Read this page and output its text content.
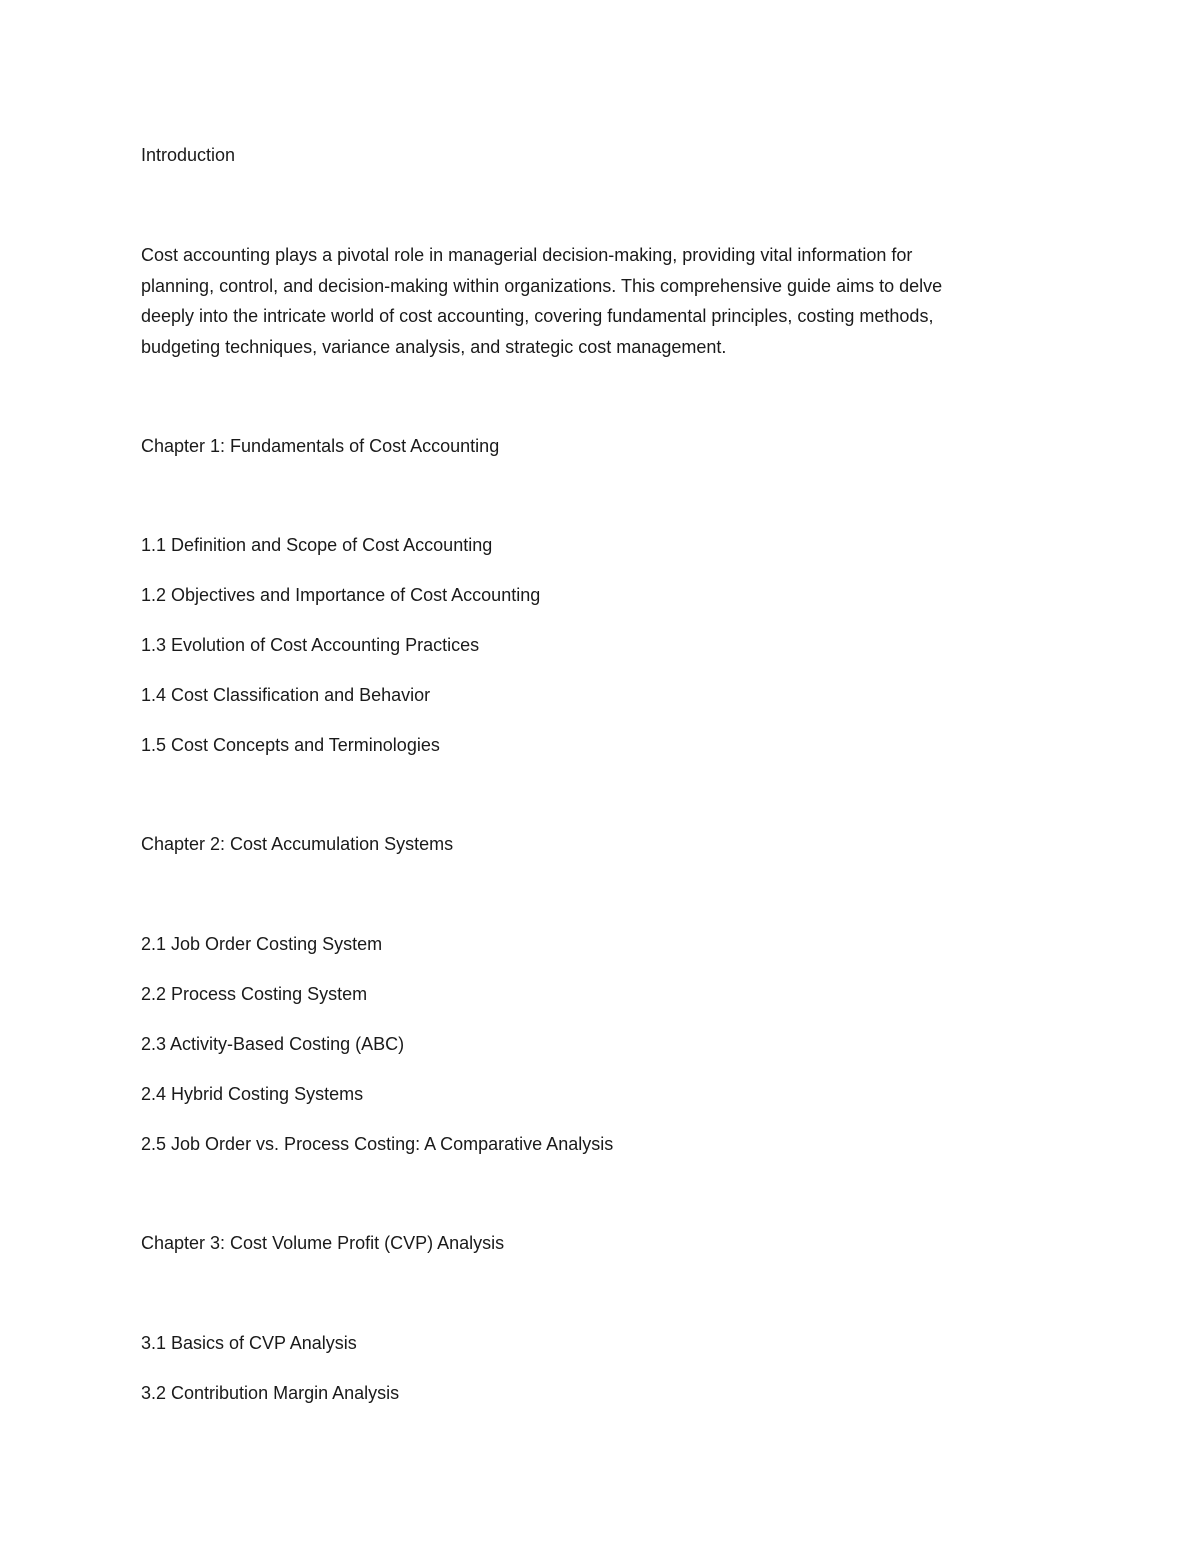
Introduction

Cost accounting plays a pivotal role in managerial decision-making, providing vital information for
planning, control, and decision-making within organizations. This comprehensive guide aims to delve
deeply into the intricate world of cost accounting, covering fundamental principles, costing methods,
budgeting techniques, variance analysis, and strategic cost management.

Chapter 1: Fundamentals of Cost Accounting

1.1 Definition and Scope of Cost Accounting

1.2 Objectives and Importance of Cost Accounting

1.3 Evolution of Cost Accounting Practices

1.4 Cost Classification and Behavior

1.5 Cost Concepts and Terminologies

Chapter 2: Cost Accumulation Systems

2.1 Job Order Costing System

2.2 Process Costing System

2.3 Activity-Based Costing (ABC)

2.4 Hybrid Costing Systems

2.5 Job Order vs. Process Costing: A Comparative Analysis

Chapter 3: Cost Volume Profit (CVP) Analysis

3.1 Basics of CVP Analysis

3.2 Contribution Margin Analysis
